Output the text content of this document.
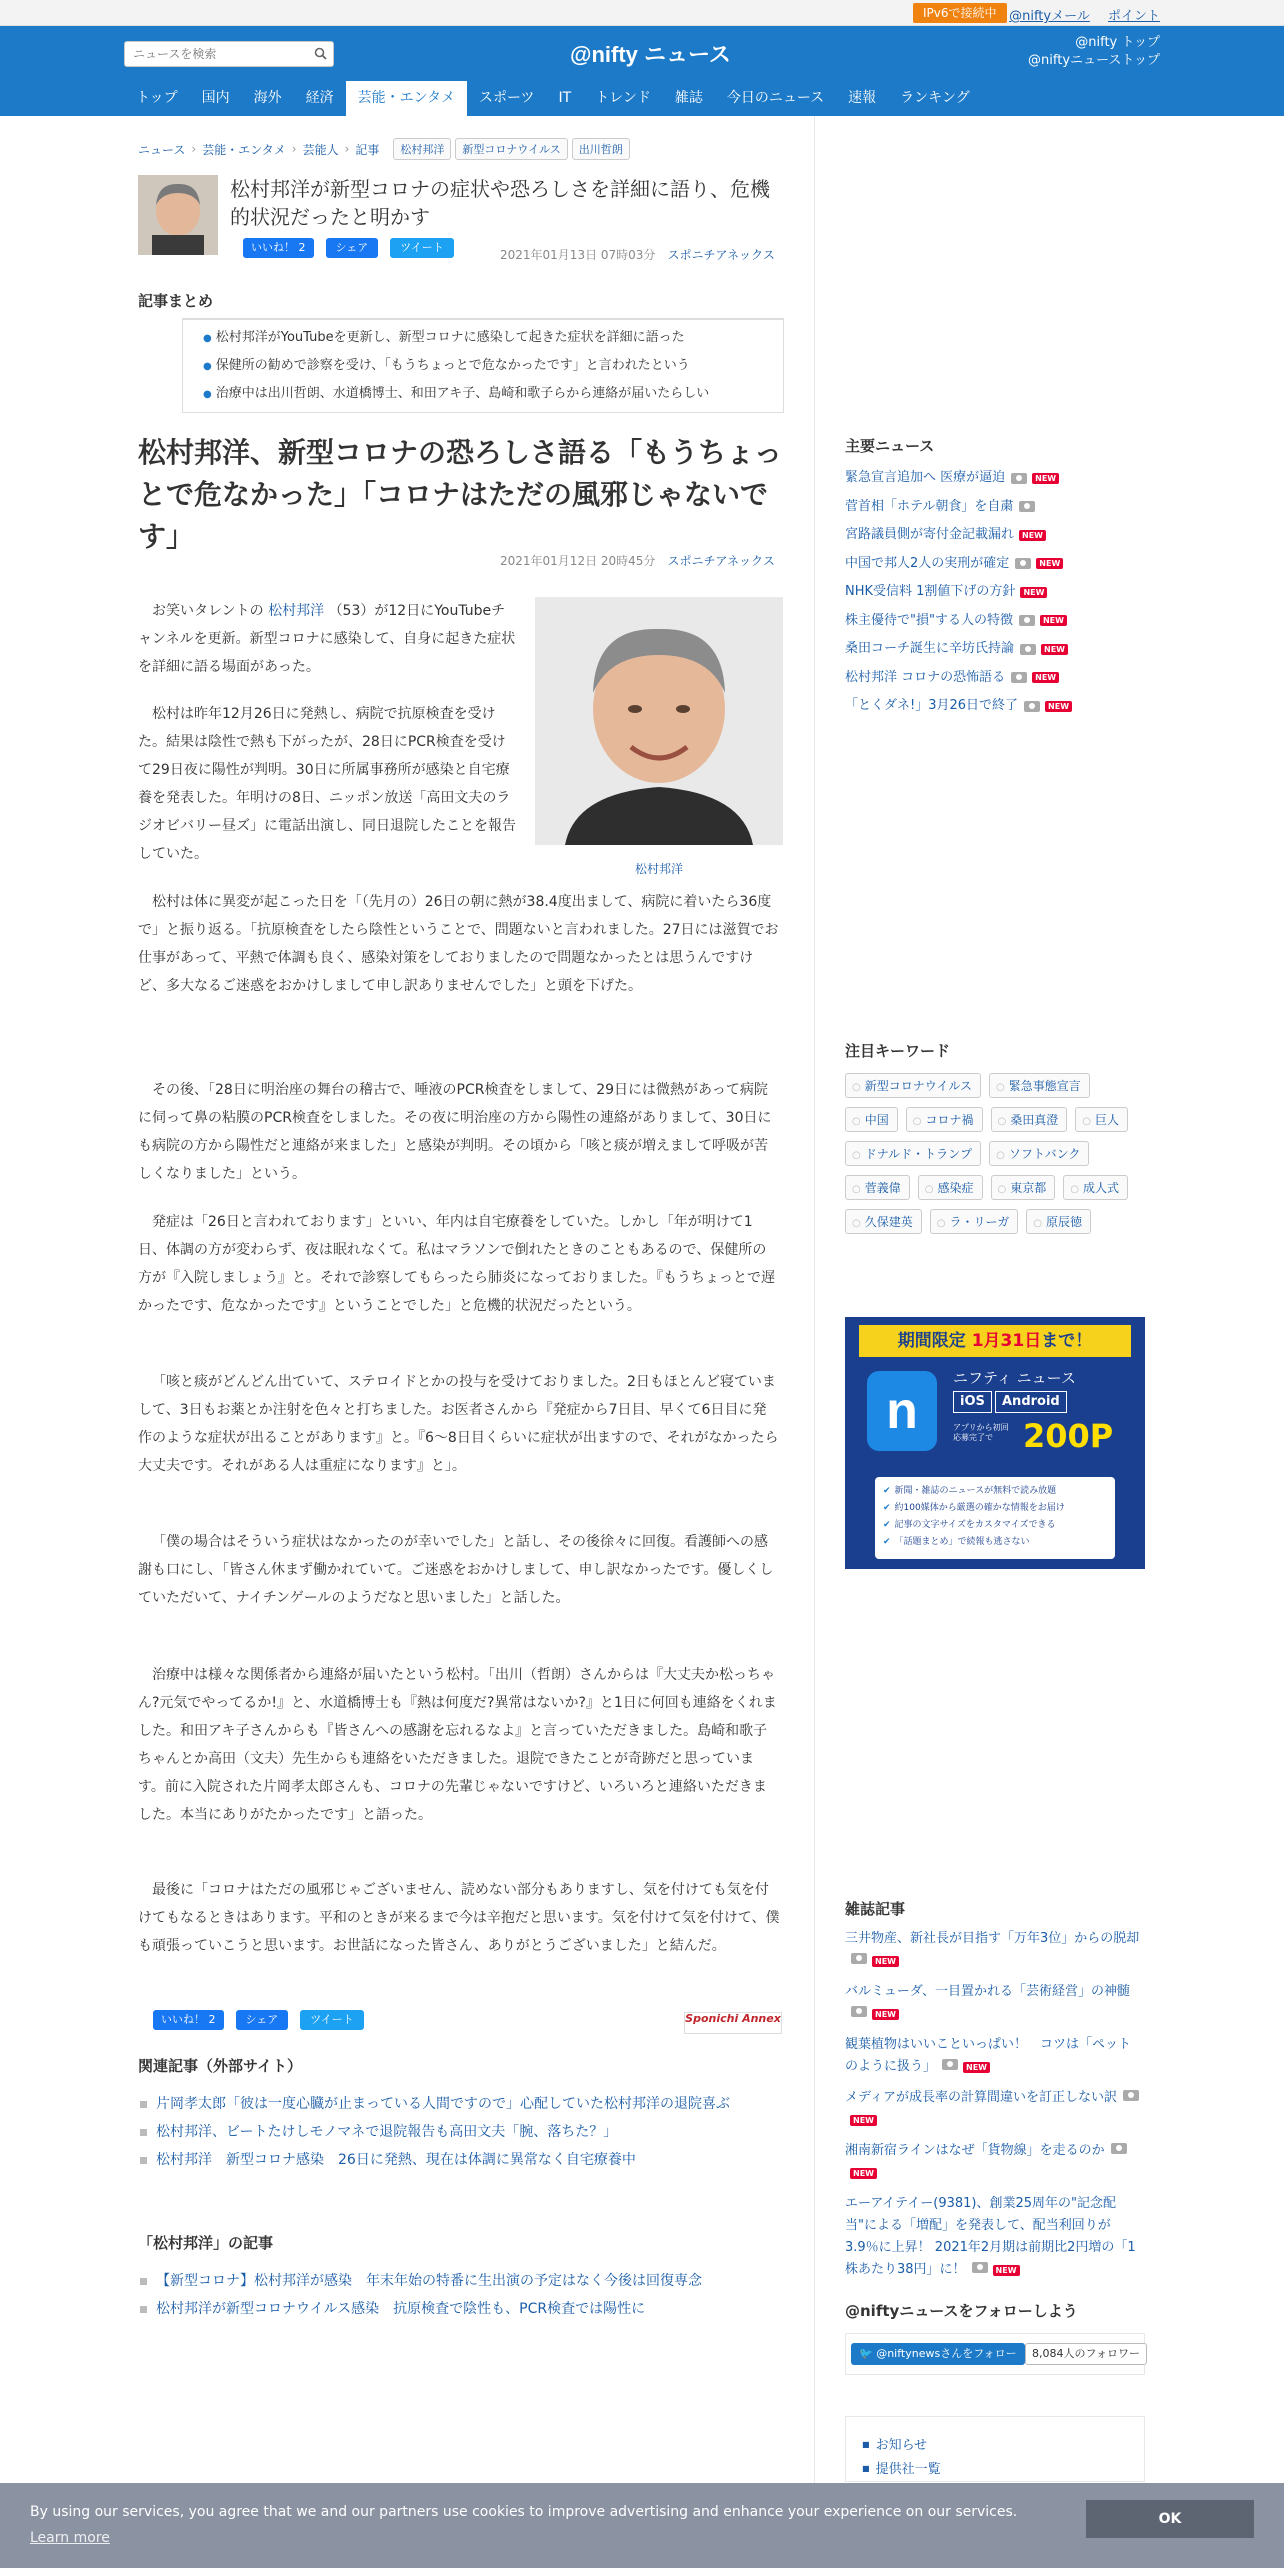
IPv6で接続中 @niftyメール ポイント
ニュースを検索
@nifty ニュース	@nifty トップ
@niftyニューストップ
トップ	国内	海外	経済	芸能・エンタメ	スポーツ	IT	トレンド	雑誌	今日のニュース	速報	ランキング
ニュース › 芸能・エンタメ › 芸能人 › 記事	松村邦洋	新型コロナウイルス	出川哲朗
松村邦洋が新型コロナの症状や恐ろしさを詳細に語り、危機的状況だったと明かす
いいね！ 2	シェア	ツイート
2021年01月13日 07時03分 スポニチアネックス
記事まとめ
● 松村邦洋がYouTubeを更新し、新型コロナに感染して起きた症状を詳細に語った
● 保健所の勧めで診察を受け、「もうちょっとで危なかったです」と言われたという
● 治療中は出川哲朗、水道橋博士、和田アキ子、島崎和歌子らから連絡が届いたらしい
松村邦洋、新型コロナの恐ろしさ語る「もうちょっとで危なかった」「コロナはただの風邪じゃないです」
2021年01月12日 20時45分 スポニチアネックス

お笑いタレントの 松村邦洋 （53）が12日にYouTubeチャンネルを更新。新型コロナに感染して、自身に起きた症状を詳細に語る場面があった。

松村は昨年12月26日に発熱し、病院で抗原検査を受けた。結果は陰性で熱も下がったが、28日にPCR検査を受けて29日夜に陽性が判明。30日に所属事務所が感染と自宅療養を発表した。年明けの8日、ニッポン放送「高田文夫のラジオビバリー昼ズ」に電話出演し、同日退院したことを報告していた。

松村邦洋

松村は体に異変が起こった日を「（先月の）26日の朝に熱が38.4度出まして、病院に着いたら36度で」と振り返る。「抗原検査をしたら陰性ということで、問題ないと言われました。27日には滋賀でお仕事があって、平熱で体調も良く、感染対策をしておりましたので問題なかったとは思うんですけど、多大なるご迷惑をおかけしまして申し訳ありませんでした」と頭を下げた。

その後、「28日に明治座の舞台の稽古で、唾液のPCR検査をしまして、29日には微熱があって病院に伺って鼻の粘膜のPCR検査をしました。その夜に明治座の方から陽性の連絡がありまして、30日にも病院の方から陽性だと連絡が来ました」と感染が判明。その頃から「咳と痰が増えまして呼吸が苦しくなりました」という。

発症は「26日と言われております」といい、年内は自宅療養をしていた。しかし「年が明けて1日、体調の方が変わらず、夜は眠れなくて。私はマラソンで倒れたときのこともあるので、保健所の方が『入院しましょう』と。それで診察してもらったら肺炎になっておりました。『もうちょっとで遅かったです、危なかったです』ということでした」と危機的状況だったという。

「咳と痰がどんどん出ていて、ステロイドとかの投与を受けておりました。2日もほとんど寝ていまして、3日もお薬とか注射を色々と打ちました。お医者さんから『発症から7日目、早くて6日目に発作のような症状が出ることがあります』と。『6～8日目くらいに症状が出ますので、それがなかったら大丈夫です。それがある人は重症になります』と」。

「僕の場合はそういう症状はなかったのが幸いでした」と話し、その後徐々に回復。看護師への感謝も口にし、「皆さん休まず働かれていて。ご迷惑をおかけしまして、申し訳なかったです。優しくしていただいて、ナイチンゲールのようだなと思いました」と話した。

治療中は様々な関係者から連絡が届いたという松村。「出川（哲朗）さんからは『大丈夫か松っちゃん?元気でやってるか!』と、水道橋博士も『熱は何度だ?異常はないか?』と1日に何回も連絡をくれました。和田アキ子さんからも『皆さんへの感謝を忘れるなよ』と言っていただきました。島崎和歌子ちゃんとか高田（文夫）先生からも連絡をいただきました。退院できたことが奇跡だと思っています。前に入院された片岡孝太郎さんも、コロナの先輩じゃないですけど、いろいろと連絡いただきました。本当にありがたかったです」と語った。

最後に「コロナはただの風邪じゃございません、読めない部分もありますし、気を付けても気を付けてもなるときはあります。平和のときが来るまで今は辛抱だと思います。気を付けて気を付けて、僕も頑張っていこうと思います。お世話になった皆さん、ありがとうございました」と結んだ。

いいね！ 2	シェア	ツイート	Sponichi Annex
関連記事（外部サイト）
片岡孝太郎「彼は一度心臓が止まっている人間ですので」心配していた松村邦洋の退院喜ぶ
松村邦洋、ビートたけしモノマネで退院報告も高田文夫「腕、落ちた？」
松村邦洋　新型コロナ感染　26日に発熱、現在は体調に異常なく自宅療養中
「松村邦洋」の記事
【新型コロナ】松村邦洋が感染　年末年始の特番に生出演の予定はなく今後は回復専念
松村邦洋が新型コロナウイルス感染　抗原検査で陰性も、PCR検査では陽性に
主要ニュース
緊急宣言追加へ 医療が逼迫	NEW
菅首相「ホテル朝食」を自粛
宮路議員側が寄付金記載漏れ	NEW
中国で邦人2人の実刑が確定	NEW
NHK受信料 1割値下げの方針	NEW
株主優待で"損"する人の特徴	NEW
桑田コーチ誕生に辛坊氏持論	NEW
松村邦洋 コロナの恐怖語る	NEW
「とくダネ!」3月26日で終了	NEW
注目キーワード
○ 新型コロナウイルス	○ 緊急事態宣言
○ 中国	○ コロナ禍	○ 桑田真澄	○ 巨人
○ ドナルド・トランプ	○ ソフトバンク
○ 菅義偉	○ 感染症	○ 東京都	○ 成人式
○ 久保建英	○ ラ・リーガ	○ 原辰徳
期間限定 1月31日まで！
n
ニフティ ニュース
iOS	Android
アプリから初回応募完了で 200P
✔ 新聞・雑誌のニュースが無料で読み放題
✔ 約100媒体から厳選の確かな情報をお届け
✔ 記事の文字サイズをカスタマイズできる
✔ 「話題まとめ」で続報も逃さない
雑誌記事
三井物産、新社長が目指す「万年3位」からの脱却NEW
バルミューダ、一目置かれる「芸術経営」の神髄NEW
観葉植物はいいこといっぱい！　コツは「ペットのように扱う」	NEW
メディアが成長率の計算間違いを訂正しない訳NEW
湘南新宿ラインはなぜ「貨物線」を走るのかNEW
エーアイテイー(9381)、創業25周年の"記念配当"による「増配」を発表して、配当利回りが3.9％に上昇！ 2021年2月期は前期比2円増の「1株あたり38円」に！	NEW
@niftyニュースをフォローしよう
🐦 @niftynewsさんをフォロー	8,084人のフォロワー
■ お知らせ
■ 提供社一覧
By using our services, you agree that we and our partners use cookies to improve advertising and enhance your experience on our services.
Learn more
OK
